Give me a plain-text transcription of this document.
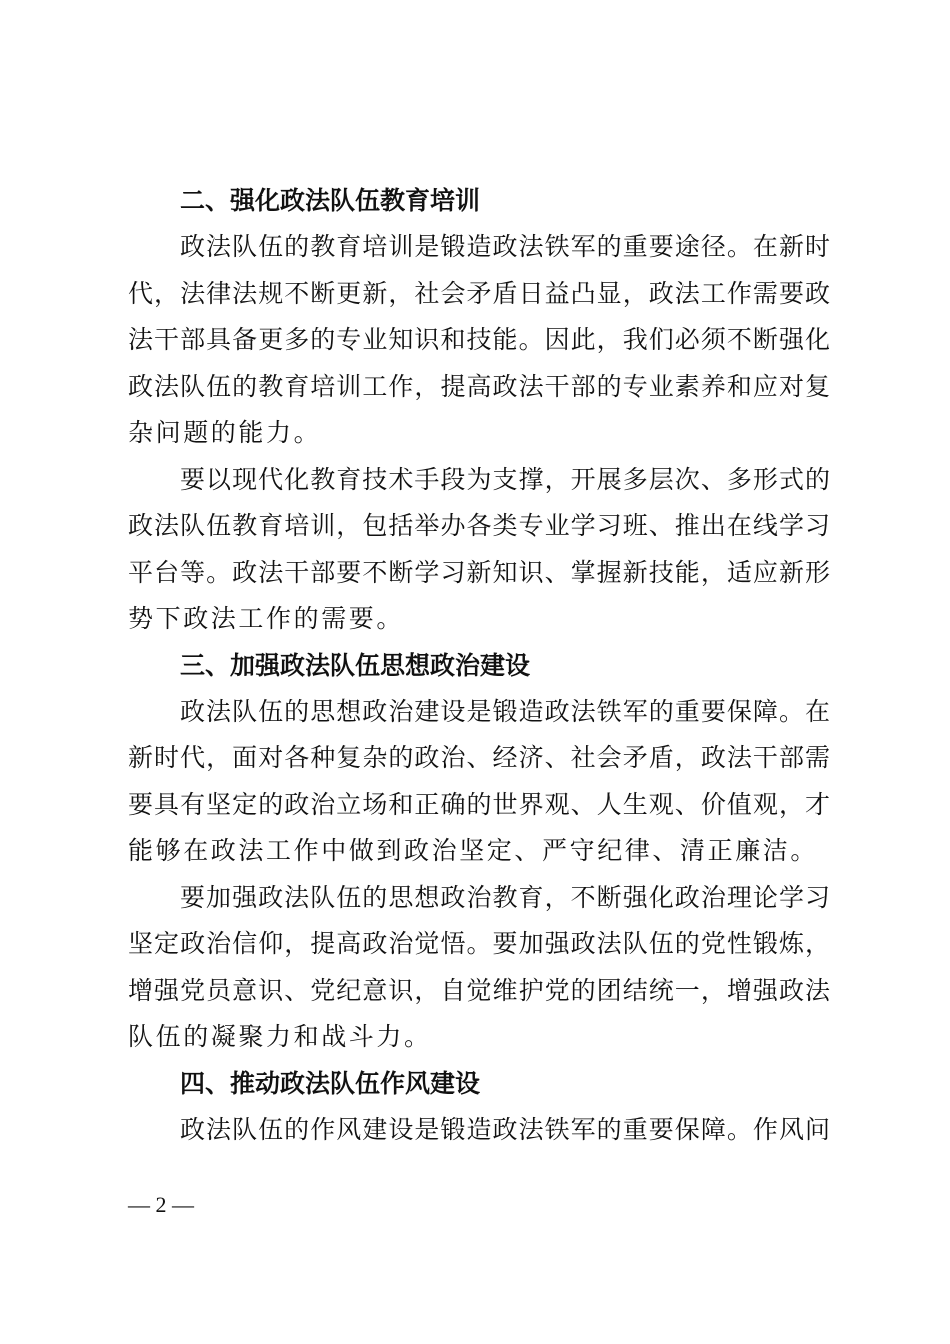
二、强化政法队伍教育培训
政法队伍的教育培训是锻造政法铁军的重要途径。在新时
代，法律法规不断更新，社会矛盾日益凸显，政法工作需要政
法干部具备更多的专业知识和技能。因此，我们必须不断强化
政法队伍的教育培训工作，提高政法干部的专业素养和应对复
杂问题的能力。
要以现代化教育技术手段为支撑，开展多层次、多形式的
政法队伍教育培训，包括举办各类专业学习班、推出在线学习
平台等。政法干部要不断学习新知识、掌握新技能，适应新形
势下政法工作的需要。
三、加强政法队伍思想政治建设
政法队伍的思想政治建设是锻造政法铁军的重要保障。在
新时代，面对各种复杂的政治、经济、社会矛盾，政法干部需
要具有坚定的政治立场和正确的世界观、人生观、价值观，才
能够在政法工作中做到政治坚定、严守纪律、清正廉洁。
要加强政法队伍的思想政治教育，不断强化政治理论学习
坚定政治信仰，提高政治觉悟。要加强政法队伍的党性锻炼，
增强党员意识、党纪意识，自觉维护党的团结统一，增强政法
队伍的凝聚力和战斗力。
四、推动政法队伍作风建设
政法队伍的作风建设是锻造政法铁军的重要保障。作风问
— 2 —
